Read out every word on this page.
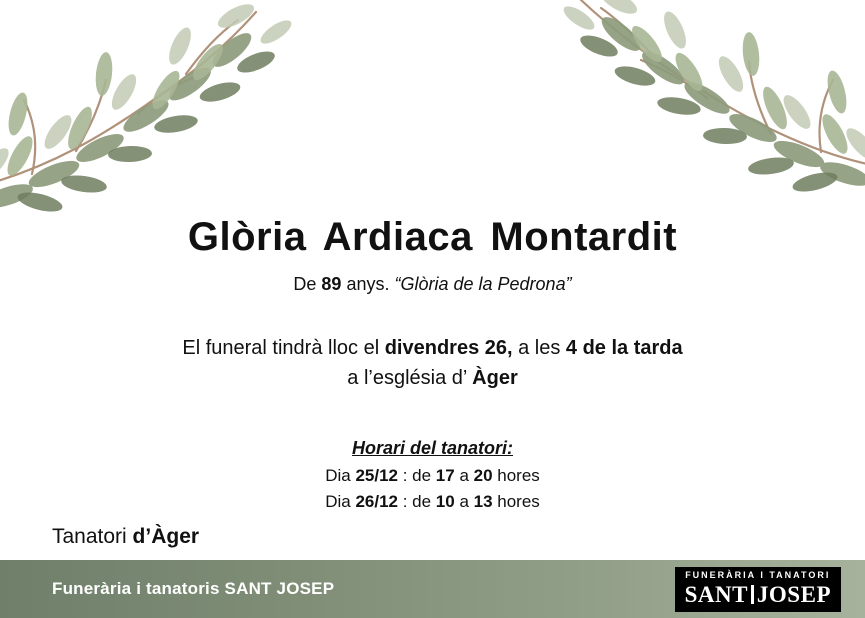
Glòria Ardiaca Montardit
De 89 anys. “Glòria de la Pedrona”
El funeral tindrà lloc el divendres 26, a les 4 de la tarda
a l’església d’ Àger
Horari del tanatori:
Dia 25/12 : de 17 a 20 hores
Dia 26/12 : de 10 a 13 hores
Tanatori d’Àger
Funerària i tanatoris SANT JOSEP
FUNERÀRIA I TANATORI
SANT JOSEP
